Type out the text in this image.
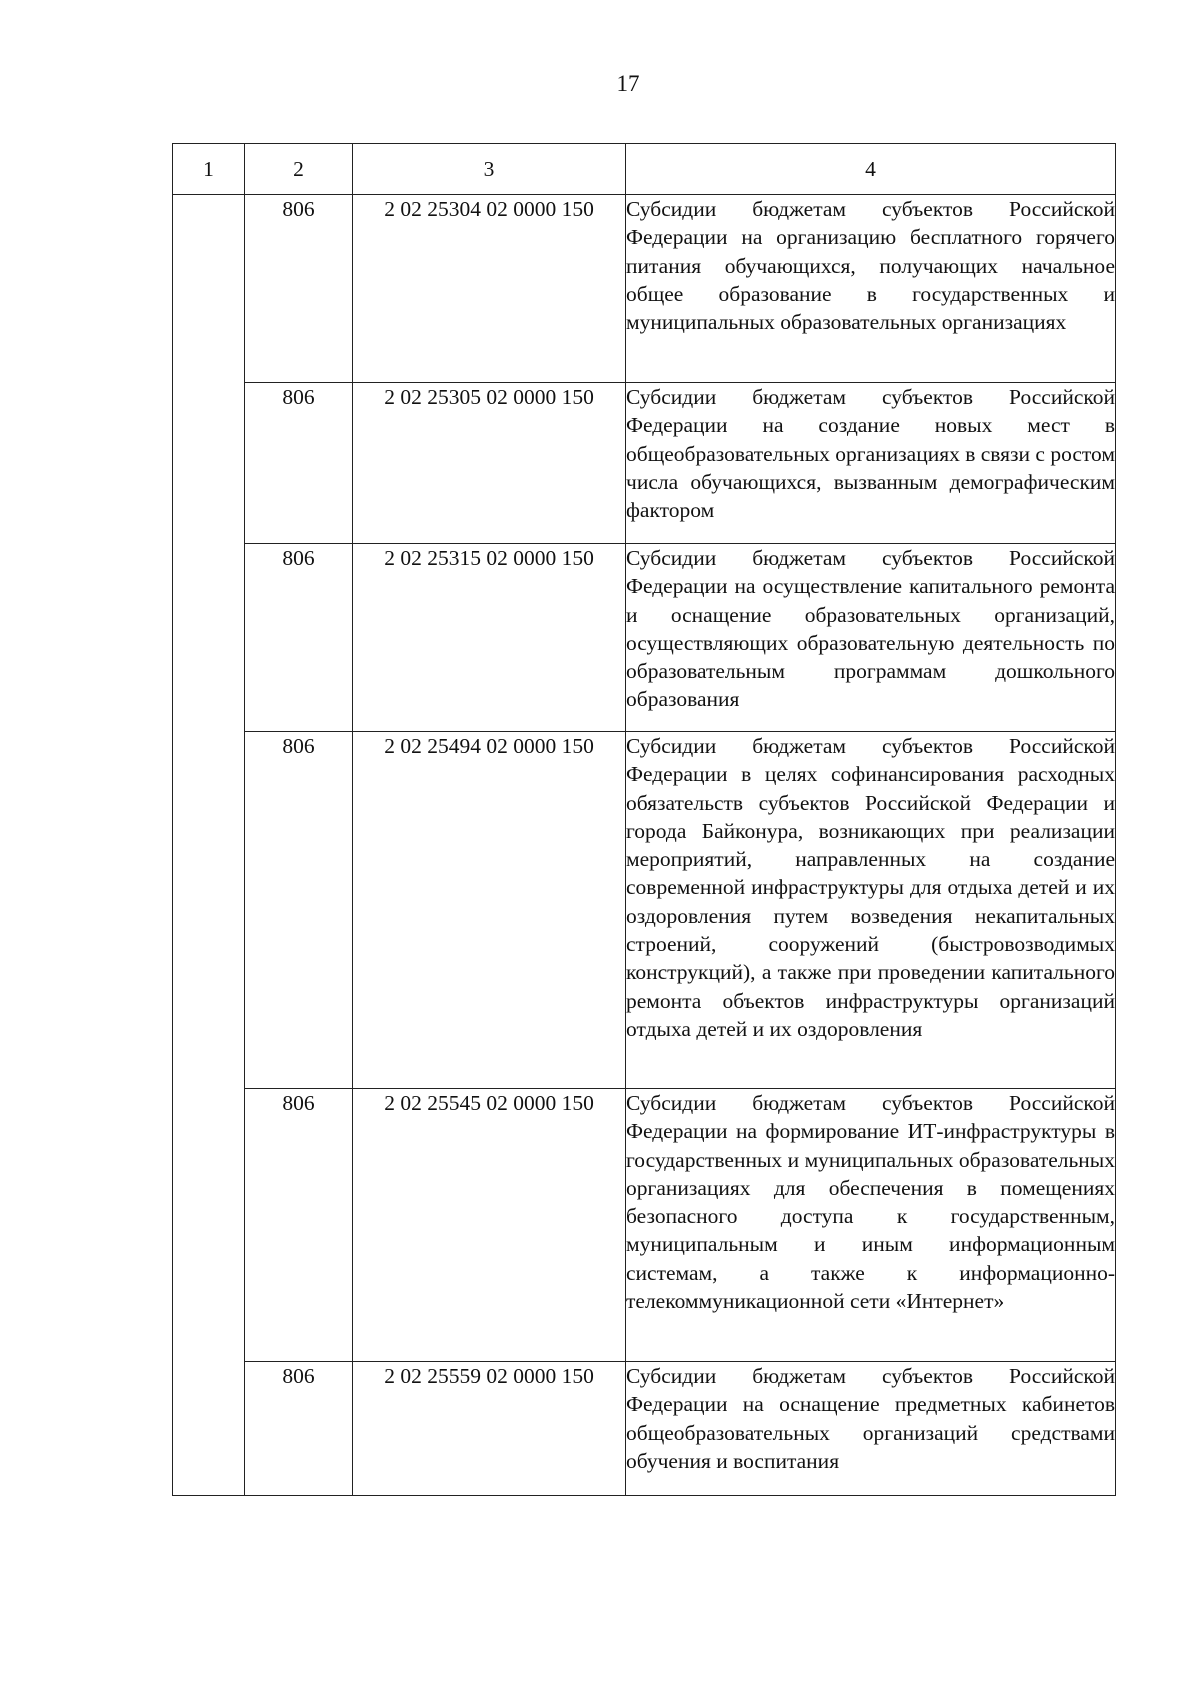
17
1	2	3	4
	806	2 02 25304 02 0000 150	Субсидии бюджетам субъектов Российской Федерации на организацию бесплатного горячего питания обучающихся, получающих начальное общее образование в государственных и муниципальных образовательных организациях
	806	2 02 25305 02 0000 150	Субсидии бюджетам субъектов Российской Федерации на создание новых мест в общеобразовательных организациях в связи с ростом числа обучающихся, вызванным демографическим фактором
	806	2 02 25315 02 0000 150	Субсидии бюджетам субъектов Российской Федерации на осуществление капитального ремонта и оснащение образовательных организаций, осуществляющих образовательную деятельность по образовательным программам дошкольного образования
	806	2 02 25494 02 0000 150	Субсидии бюджетам субъектов Российской Федерации в целях софинансирования расходных обязательств субъектов Российской Федерации и города Байконура, возникающих при реализации мероприятий, направленных на создание современной инфраструктуры для отдыха детей и их оздоровления путем возведения некапитальных строений, сооружений (быстровозводимых конструкций), а также при проведении капитального ремонта объектов инфраструктуры организаций отдыха детей и их оздоровления
	806	2 02 25545 02 0000 150	Субсидии бюджетам субъектов Российской Федерации на формирование ИТ-инфраструктуры в государственных и муниципальных образовательных организациях для обеспечения в помещениях безопасного доступа к государственным, муниципальным и иным информационным системам, а также к информационно-телекоммуникационной сети «Интернет»
	806	2 02 25559 02 0000 150	Субсидии бюджетам субъектов Российской Федерации на оснащение предметных кабинетов общеобразовательных организаций средствами обучения и воспитания
